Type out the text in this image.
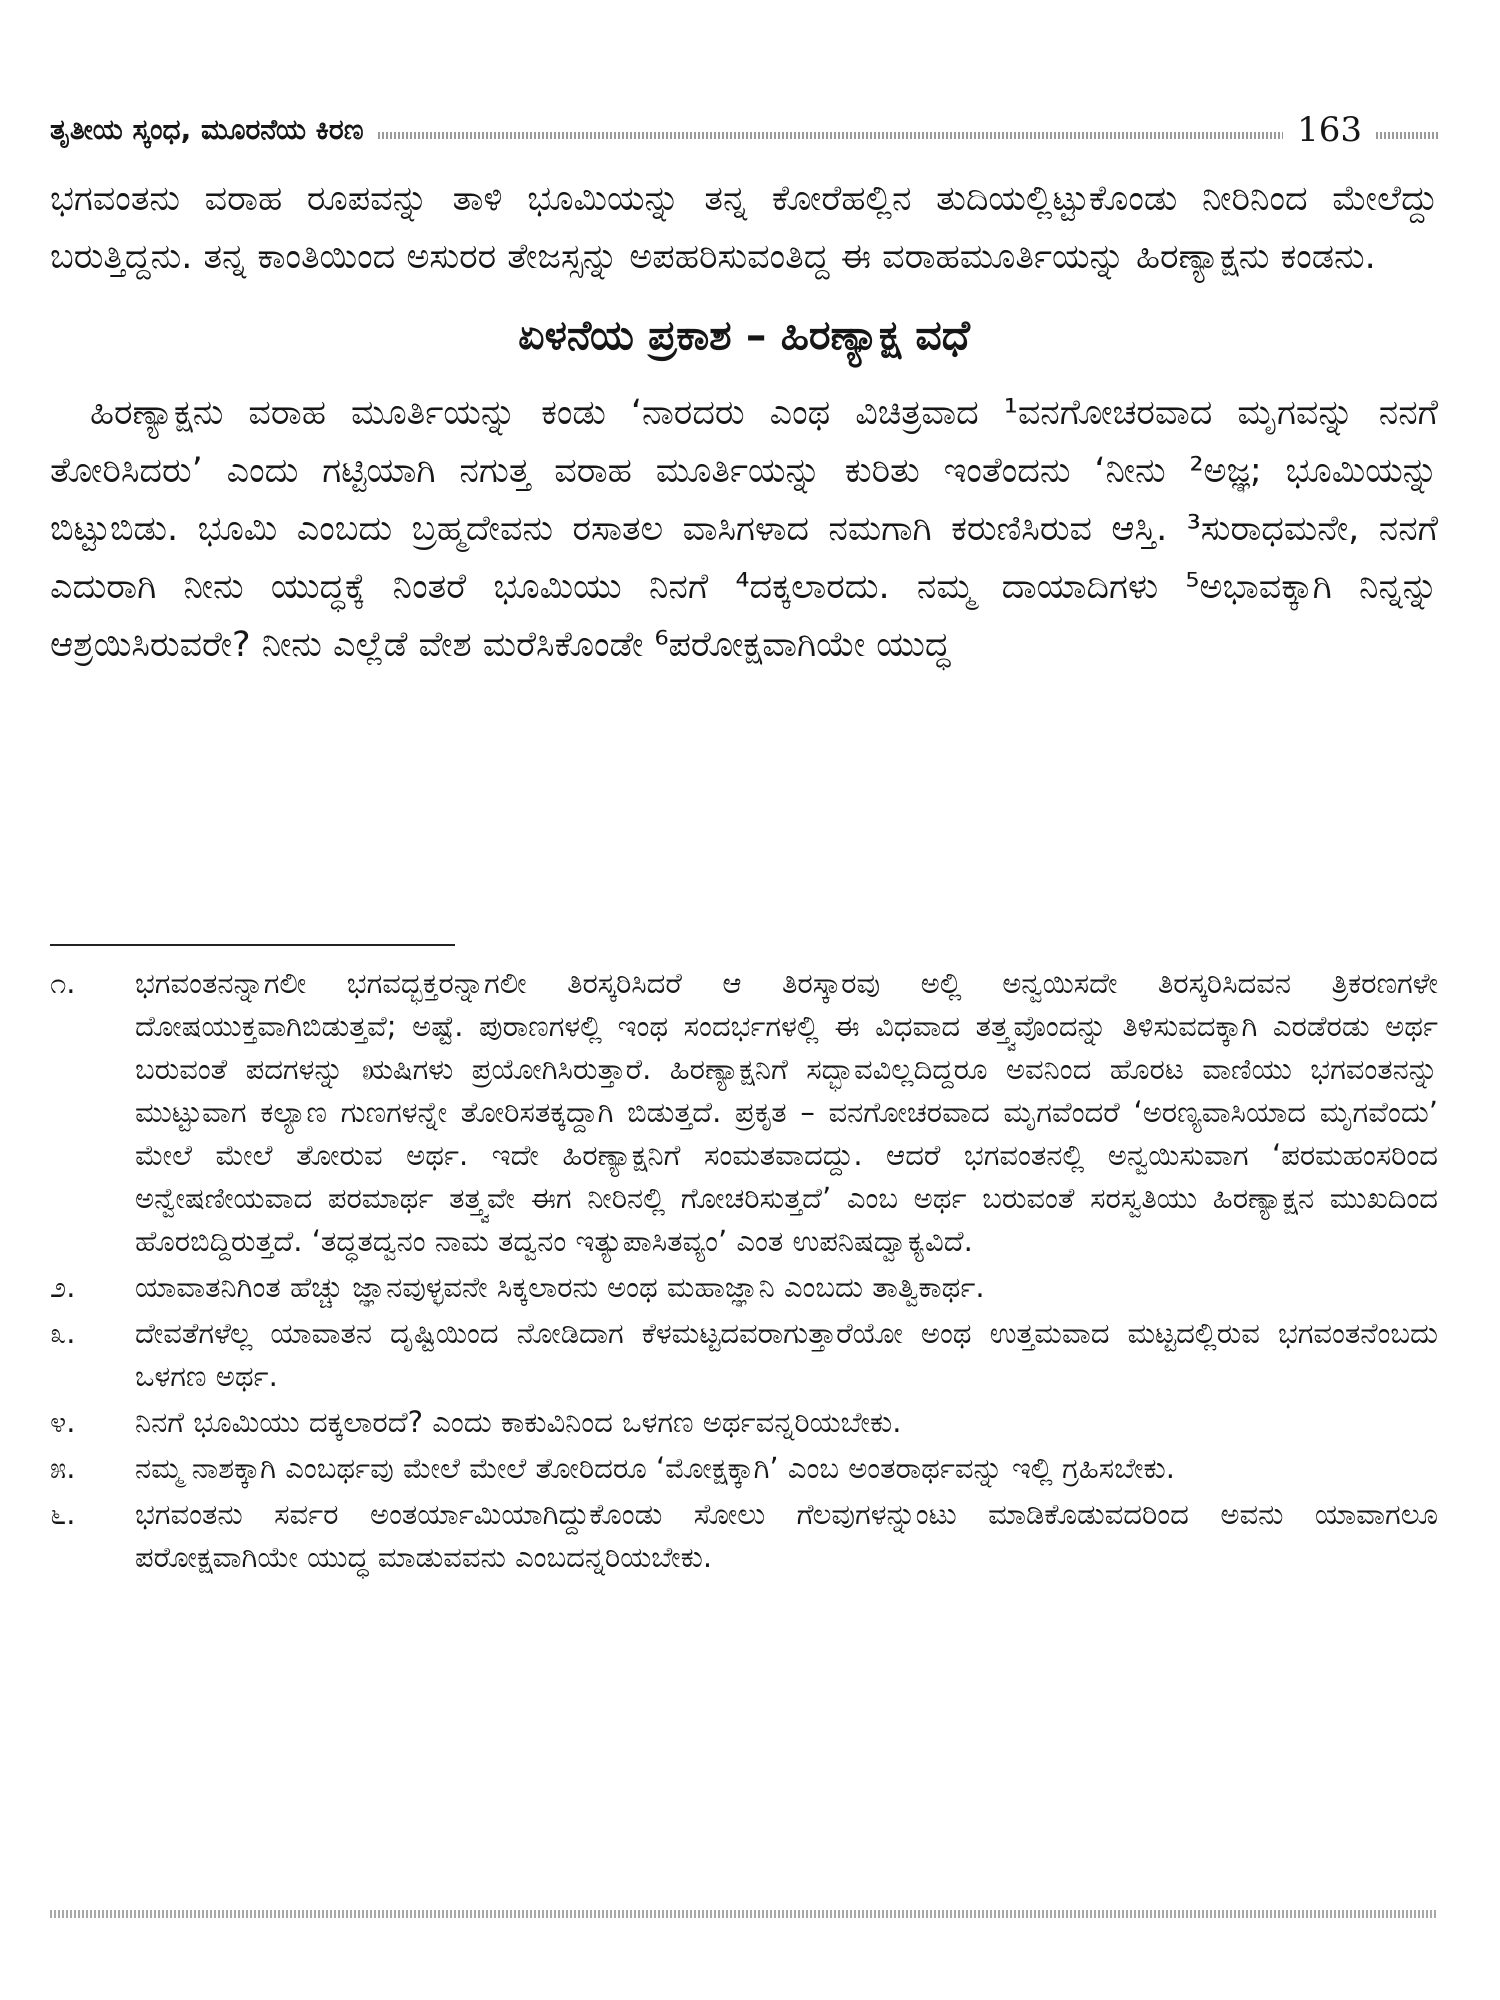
ತೃತೀಯ ಸ್ಕಂಧ, ಮೂರನೆಯ ಕಿರಣ	163

ಭಗವಂತನು ವರಾಹ ರೂಪವನ್ನು ತಾಳಿ ಭೂಮಿಯನ್ನು ತನ್ನ ಕೋರೆಹಲ್ಲಿನ ತುದಿಯಲ್ಲಿಟ್ಟುಕೊಂಡು ನೀರಿನಿಂದ ಮೇಲೆದ್ದು ಬರುತ್ತಿದ್ದನು. ತನ್ನ ಕಾಂತಿಯಿಂದ ಅಸುರರ ತೇಜಸ್ಸನ್ನು ಅಪಹರಿಸುವಂತಿದ್ದ ಈ ವರಾಹಮೂರ್ತಿಯನ್ನು ಹಿರಣ್ಯಾಕ್ಷನು ಕಂಡನು.

ಏಳನೆಯ ಪ್ರಕಾಶ – ಹಿರಣ್ಯಾಕ್ಷ ವಧೆ

ಹಿರಣ್ಯಾಕ್ಷನು ವರಾಹ ಮೂರ್ತಿಯನ್ನು ಕಂಡು ‘ನಾರದರು ಎಂಥ ವಿಚಿತ್ರವಾದ ¹ವನಗೋಚರವಾದ ಮೃಗವನ್ನು ನನಗೆ ತೋರಿಸಿದರು’ ಎಂದು ಗಟ್ಟಿಯಾಗಿ ನಗುತ್ತ ವರಾಹ ಮೂರ್ತಿಯನ್ನು ಕುರಿತು ಇಂತೆಂದನು ‘ನೀನು ²ಅಜ್ಞ; ಭೂಮಿಯನ್ನು ಬಿಟ್ಟುಬಿಡು. ಭೂಮಿ ಎಂಬದು ಬ್ರಹ್ಮದೇವನು ರಸಾತಲ ವಾಸಿಗಳಾದ ನಮಗಾಗಿ ಕರುಣಿಸಿರುವ ಆಸ್ತಿ. ³ಸುರಾಧಮನೇ, ನನಗೆ ಎದುರಾಗಿ ನೀನು ಯುದ್ಧಕ್ಕೆ ನಿಂತರೆ ಭೂಮಿಯು ನಿನಗೆ ⁴ದಕ್ಕಲಾರದು. ನಮ್ಮ ದಾಯಾದಿಗಳು ⁵ಅಭಾವಕ್ಕಾಗಿ ನಿನ್ನನ್ನು ಆಶ್ರಯಿಸಿರುವರೇ? ನೀನು ಎಲ್ಲೆಡೆ ವೇಶ ಮರೆಸಿಕೊಂಡೇ ⁶ಪರೋಕ್ಷವಾಗಿಯೇ ಯುದ್ಧ

೧.	ಭಗವಂತನನ್ನಾಗಲೀ ಭಗವದ್ಭಕ್ತರನ್ನಾಗಲೀ ತಿರಸ್ಕರಿಸಿದರೆ ಆ ತಿರಸ್ಕಾರವು ಅಲ್ಲಿ ಅನ್ವಯಿಸದೇ ತಿರಸ್ಕರಿಸಿದವನ ತ್ರಿಕರಣಗಳೇ ದೋಷಯುಕ್ತವಾಗಿಬಿಡುತ್ತವೆ; ಅಷ್ಟೆ. ಪುರಾಣಗಳಲ್ಲಿ ಇಂಥ ಸಂದರ್ಭಗಳಲ್ಲಿ ಈ ವಿಧವಾದ ತತ್ತ್ವವೊಂದನ್ನು ತಿಳಿಸುವದಕ್ಕಾಗಿ ಎರಡೆರಡು ಅರ್ಥ ಬರುವಂತೆ ಪದಗಳನ್ನು ಋಷಿಗಳು ಪ್ರಯೋಗಿಸಿರುತ್ತಾರೆ. ಹಿರಣ್ಯಾಕ್ಷನಿಗೆ ಸದ್ಭಾವವಿಲ್ಲದಿದ್ದರೂ ಅವನಿಂದ ಹೊರಟ ವಾಣಿಯು ಭಗವಂತನನ್ನು ಮುಟ್ಟುವಾಗ ಕಲ್ಯಾಣ ಗುಣಗಳನ್ನೇ ತೋರಿಸತಕ್ಕದ್ದಾಗಿ ಬಿಡುತ್ತದೆ. ಪ್ರಕೃತ – ವನಗೋಚರವಾದ ಮೃಗವೆಂದರೆ ‘ಅರಣ್ಯವಾಸಿಯಾದ ಮೃಗವೆಂದು’ ಮೇಲೆ ಮೇಲೆ ತೋರುವ ಅರ್ಥ. ಇದೇ ಹಿರಣ್ಯಾಕ್ಷನಿಗೆ ಸಂಮತವಾದದ್ದು. ಆದರೆ ಭಗವಂತನಲ್ಲಿ ಅನ್ವಯಿಸುವಾಗ ‘ಪರಮಹಂಸರಿಂದ ಅನ್ವೇಷಣೀಯವಾದ ಪರಮಾರ್ಥ ತತ್ತ್ವವೇ ಈಗ ನೀರಿನಲ್ಲಿ ಗೋಚರಿಸುತ್ತದೆ’ ಎಂಬ ಅರ್ಥ ಬರುವಂತೆ ಸರಸ್ವತಿಯು ಹಿರಣ್ಯಾಕ್ಷನ ಮುಖದಿಂದ ಹೊರಬಿದ್ದಿರುತ್ತದೆ. ‘ತದ್ಧತದ್ವನಂ ನಾಮ ತದ್ವನಂ ಇತ್ಯುಪಾಸಿತವ್ಯಂ’ ಎಂತ ಉಪನಿಷದ್ವಾಕ್ಯವಿದೆ.
೨.	ಯಾವಾತನಿಗಿಂತ ಹೆಚ್ಚು ಜ್ಞಾನವುಳ್ಳವನೇ ಸಿಕ್ಕಲಾರನು ಅಂಥ ಮಹಾಜ್ಞಾನಿ ಎಂಬದು ತಾತ್ವಿಕಾರ್ಥ.
೩.	ದೇವತೆಗಳೆಲ್ಲ ಯಾವಾತನ ದೃಷ್ಟಿಯಿಂದ ನೋಡಿದಾಗ ಕೆಳಮಟ್ಟದವರಾಗುತ್ತಾರೆಯೋ ಅಂಥ ಉತ್ತಮವಾದ ಮಟ್ಟದಲ್ಲಿರುವ ಭಗವಂತನೆಂಬದು ಒಳಗಣ ಅರ್ಥ.
೪.	ನಿನಗೆ ಭೂಮಿಯು ದಕ್ಕಲಾರದೆ? ಎಂದು ಕಾಕುವಿನಿಂದ ಒಳಗಣ ಅರ್ಥವನ್ನರಿಯಬೇಕು.
೫.	ನಮ್ಮ ನಾಶಕ್ಕಾಗಿ ಎಂಬರ್ಥವು ಮೇಲೆ ಮೇಲೆ ತೋರಿದರೂ ‘ಮೋಕ್ಷಕ್ಕಾಗಿ’ ಎಂಬ ಅಂತರಾರ್ಥವನ್ನು ಇಲ್ಲಿ ಗ್ರಹಿಸಬೇಕು.
೬.	ಭಗವಂತನು ಸರ್ವರ ಅಂತರ್ಯಾಮಿಯಾಗಿದ್ದುಕೊಂಡು ಸೋಲು ಗೆಲವುಗಳನ್ನುಂಟು ಮಾಡಿಕೊಡುವದರಿಂದ ಅವನು ಯಾವಾಗಲೂ ಪರೋಕ್ಷವಾಗಿಯೇ ಯುದ್ಧ ಮಾಡುವವನು ಎಂಬದನ್ನರಿಯಬೇಕು.
